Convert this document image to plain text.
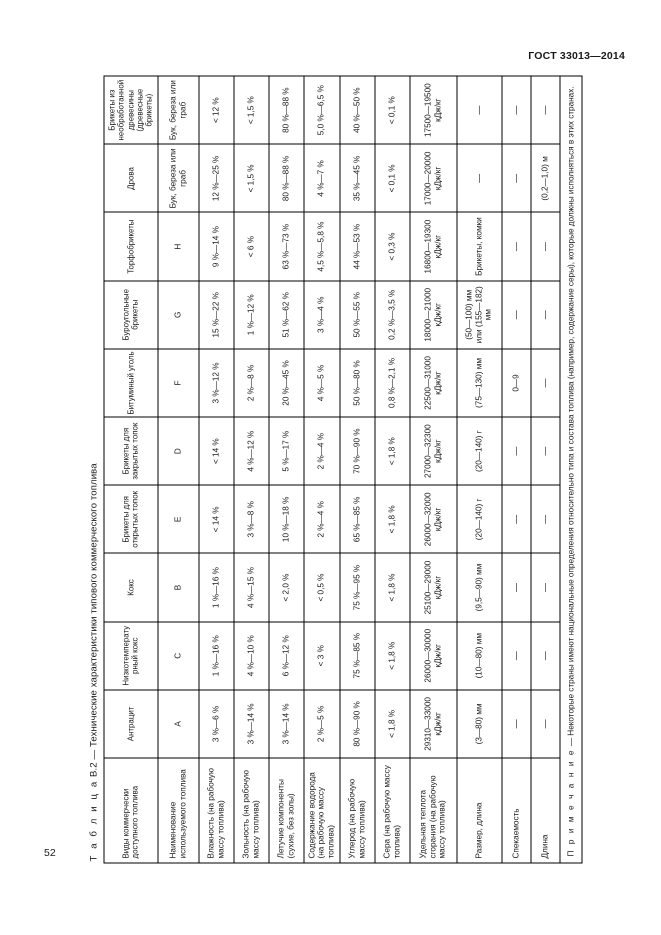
ГОСТ 33013—2014
52	Т а б л и ц а В.2 — Технические характеристики типового коммерческого топлива
Виды коммерчески доступного топлива	Антрацит	Низкотемпературный кокс	Кокс	Брикеты для открытых топок	Брикеты для закрытых топок	Битуминый уголь	Буроугольные брикеты	Торфобрикеты	Дрова	Брикеты из необработанной древесины (древесные брикеты)
Наименование используемого топлива	A	C	B	E	D	F	G	H	Бук, береза или граб	Бук, береза или граб
Влажность (на рабочую массу топлива)	3 %—6 %	1 %—16 %	1 %—16 %	< 14 %	< 14 %	3 %—12 %	15 %—22 %	9 %—14 %	12 %—25 %	< 12 %
Зольность (на рабочую массу топлива)	3 %—14 %	4 %—10 %	4 %—15 %	3 %—8 %	4 %—12 %	2 %—8 %	1 %—12 %	< 6 %	< 1,5 %	< 1,5 %
Летучие компоненты (сухие, без золы)	3 %—14 %	6 %—12 %	< 2,0 %	10 %—18 %	5 %—17 %	20 %—45 %	51 %—62 %	63 %—73 %	80 %—88 %	80 %—88 %
Содержание водорода (на рабочую массу топлива)	2 %—5 %	< 3 %	< 0,5 %	2 %—4 %	2 %—4 %	4 %—5 %	3 %—4 %	4,5 %—5,8 %	4 %—7 %	5,0 %—6,5 %
Углерод (на рабочую массу топлива)	80 %—90 %	75 %—85 %	75 %—95 %	65 %—85 %	70 %—90 %	50 %—80 %	50 %—55 %	44 %—53 %	35 %—45 %	40 %—50 %
Сера (на рабочую массу топлива)	< 1,8 %	< 1,8 %	< 1,8 %	< 1,8 %	< 1,8 %	0,8 %—2,1 %	0,2 %—3,5 %	< 0,3 %	< 0,1 %	< 0,1 %
Удельная теплота сгорания (на рабочую массу топлива)	29310—33000 кДж/кг	26000—30000 кДж/кг	25100—29000 кДж/кг	26000—32000 кДж/кг	27000—32300 кДж/кг	22500—31000 кДж/кг	18000—21000 кДж/кг	16800—19300 кДж/кг	17000—20000 кДж/кг	17500—19500 кДж/кг
Размер, длина	(3—80) мм	(10—80) мм	(9,5—90) мм	(20—140) г	(20—140) г	(75—130) мм	(50—100) мм или (155—182) мм	Брикеты, комки	—	—
Спекаемость	—	—	—	—	—	0—9	—	—	—	—
Длина	—	—	—	—	—	—	—	—	(0,2—1,0) м	—
П р и м е ч а н и е — Некоторые страны имеют национальные определения относительно типа и состава топлива (например, содержание серы), которые должны исполняться в этих странах.										
